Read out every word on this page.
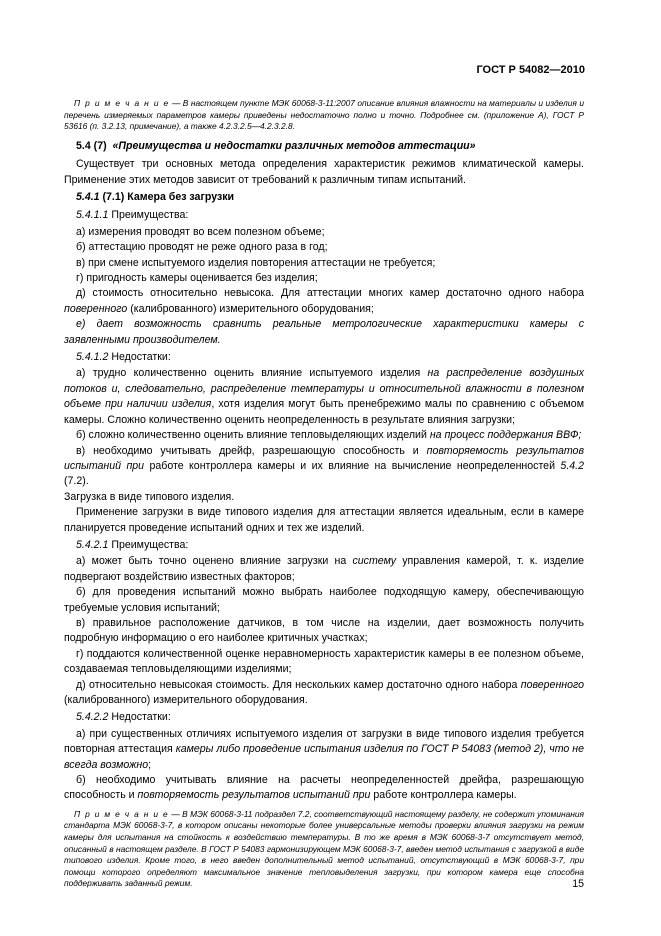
ГОСТ Р 54082—2010

П р и м е ч а н и е — В настоящем пункте МЭК 60068-3-11:2007 описание влияния влажности на материалы и изделия и перечень измеряемых параметров камеры приведены недостаточно полно и точно. Подробнее см. (приложение А), ГОСТ Р 53616 (п. 3.2.13, примечание), а также 4.2.3.2.5—4.2.3.2.8.

5.4 (7) «Преимущества и недостатки различных методов аттестации»

Существует три основных метода определения характеристик режимов климатической камеры. Применение этих методов зависит от требований к различным типам испытаний.

5.4.1 (7.1) Камера без загрузки

5.4.1.1 Преимущества:

а) измерения проводят во всем полезном объеме;

б) аттестацию проводят не реже одного раза в год;

в) при смене испытуемого изделия повторения аттестации не требуется;

г) пригодность камеры оценивается без изделия;

д) стоимость относительно невысока. Для аттестации многих камер достаточно одного набора поверенного (калиброванного) измерительного оборудования;

е) дает возможность сравнить реальные метрологические характеристики камеры с заявленными производителем.

5.4.1.2 Недостатки:

а) трудно количественно оценить влияние испытуемого изделия на распределение воздушных потоков и, следовательно, распределение температуры и относительной влажности в полезном объеме при наличии изделия, хотя изделия могут быть пренебрежимо малы по сравнению с объемом камеры. Сложно количественно оценить неопределенность в результате влияния загрузки;

б) сложно количественно оценить влияние тепловыделяющих изделий на процесс поддержания ВВФ;

в) необходимо учитывать дрейф, разрешающую способность и повторяемость результатов испытаний при работе контроллера камеры и их влияние на вычисление неопределенностей 5.4.2 (7.2).

Загрузка в виде типового изделия.

Применение загрузки в виде типового изделия для аттестации является идеальным, если в камере планируется проведение испытаний одних и тех же изделий.

5.4.2.1 Преимущества:

а) может быть точно оценено влияние загрузки на систему управления камерой, т. к. изделие подвергают воздействию известных факторов;

б) для проведения испытаний можно выбрать наиболее подходящую камеру, обеспечивающую требуемые условия испытаний;

в) правильное расположение датчиков, в том числе на изделии, дает возможность получить подробную информацию о его наиболее критичных участках;

г) поддаются количественной оценке неравномерность характеристик камеры в ее полезном объеме, создаваемая тепловыделяющими изделиями;

д) относительно невысокая стоимость. Для нескольких камер достаточно одного набора поверенного (калиброванного) измерительного оборудования.

5.4.2.2 Недостатки:

а) при существенных отличиях испытуемого изделия от загрузки в виде типового изделия требуется повторная аттестация камеры либо проведение испытания изделия по ГОСТ Р 54083 (метод 2), что не всегда возможно;

б) необходимо учитывать влияние на расчеты неопределенностей дрейфа, разрешающую способность и повторяемость результатов испытаний при работе контроллера камеры.

П р и м е ч а н и е — В МЭК 60068-3-11 подраздел 7.2, соответствующий настоящему разделу, не содержит упоминания стандарта МЭК 60068-3-7, в котором описаны некоторые более универсальные методы проверки влияния загрузки на режим камеры для испытания на стойкость к воздействию температуры. В то же время в МЭК 60068-3-7 отсутствует метод, описанный в настоящем разделе. В ГОСТ Р 54083 гармонизирующем МЭК 60068-3-7, введен метод испытания с загрузкой в виде типового изделия. Кроме того, в него введен дополнительный метод испытаний, отсутствующий в МЭК 60068-3-7, при помощи которого определяют максимальное значение тепловыделения загрузки, при котором камера еще способна поддерживать заданный режим.	15
